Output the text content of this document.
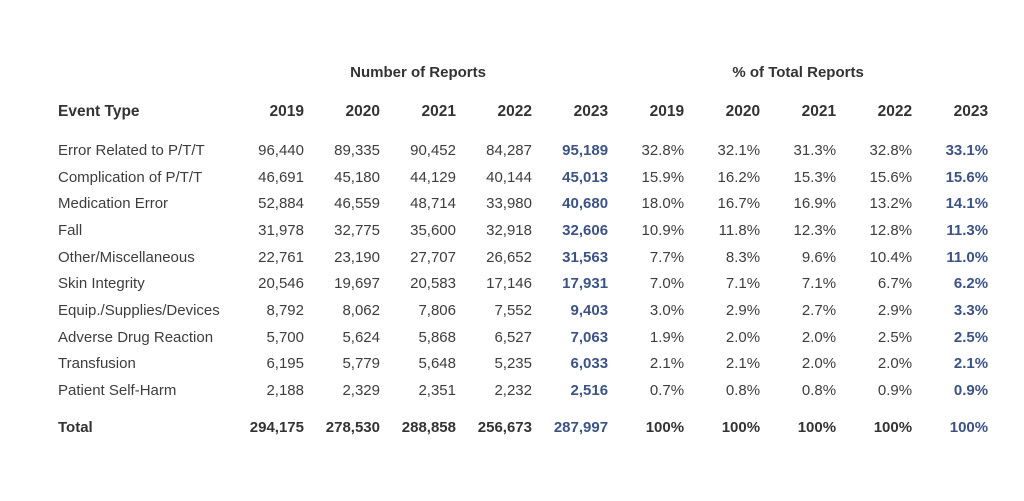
	Number of Reports					% of Total Reports				
Event Type	2019	2020	2021	2022	2023	2019	2020	2021	2022	2023
Error Related to P/T/T	96,440	89,335	90,452	84,287	95,189	32.8%	32.1%	31.3%	32.8%	33.1%
Complication of P/T/T	46,691	45,180	44,129	40,144	45,013	15.9%	16.2%	15.3%	15.6%	15.6%
Medication Error	52,884	46,559	48,714	33,980	40,680	18.0%	16.7%	16.9%	13.2%	14.1%
Fall	31,978	32,775	35,600	32,918	32,606	10.9%	11.8%	12.3%	12.8%	11.3%
Other/Miscellaneous	22,761	23,190	27,707	26,652	31,563	7.7%	8.3%	9.6%	10.4%	11.0%
Skin Integrity	20,546	19,697	20,583	17,146	17,931	7.0%	7.1%	7.1%	6.7%	6.2%
Equip./Supplies/Devices	8,792	8,062	7,806	7,552	9,403	3.0%	2.9%	2.7%	2.9%	3.3%
Adverse Drug Reaction	5,700	5,624	5,868	6,527	7,063	1.9%	2.0%	2.0%	2.5%	2.5%
Transfusion	6,195	5,779	5,648	5,235	6,033	2.1%	2.1%	2.0%	2.0%	2.1%
Patient Self-Harm	2,188	2,329	2,351	2,232	2,516	0.7%	0.8%	0.8%	0.9%	0.9%
Total	294,175	278,530	288,858	256,673	287,997	100%	100%	100%	100%	100%
